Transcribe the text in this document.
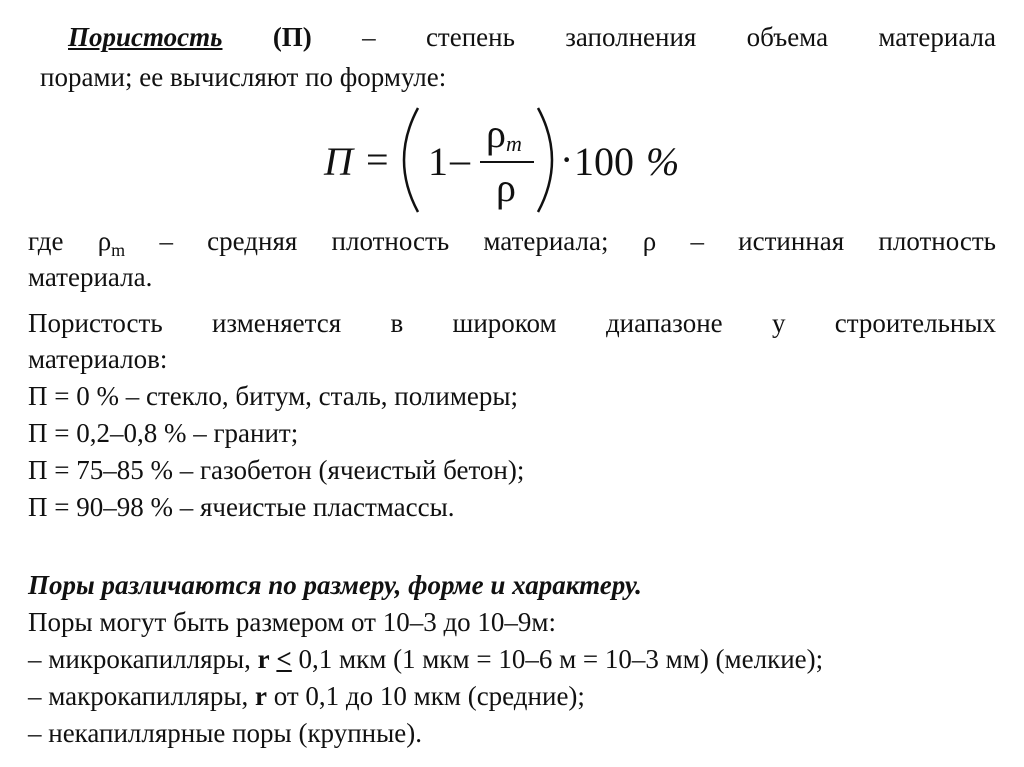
Пористость (П) – степень заполнения объема материала
порами; ее вычисляют по формуле:
П = 1 –
ρm
ρ
· 100 %
где $\rho_m$ – средняя плотность материала; ρ – истинная плотность
материала.
Пористость изменяется в широком диапазоне у строительных
материалов:
П = 0 % – стекло, битум, сталь, полимеры;
П = 0,2–0,8 % – гранит;
П = 75–85 % – газобетон (ячеистый бетон);
П = 90–98 % – ячеистые пластмассы.
Поры различаются по размеру, форме и характеру.
Поры могут быть размером от 10–3 до 10–9м:
– микрокапилляры, r ≤ 0,1 мкм (1 мкм = 10–6 м = 10–3 мм) (мелкие);
– макрокапилляры, r от 0,1 до 10 мкм (средние);
– некапиллярные поры (крупные).
